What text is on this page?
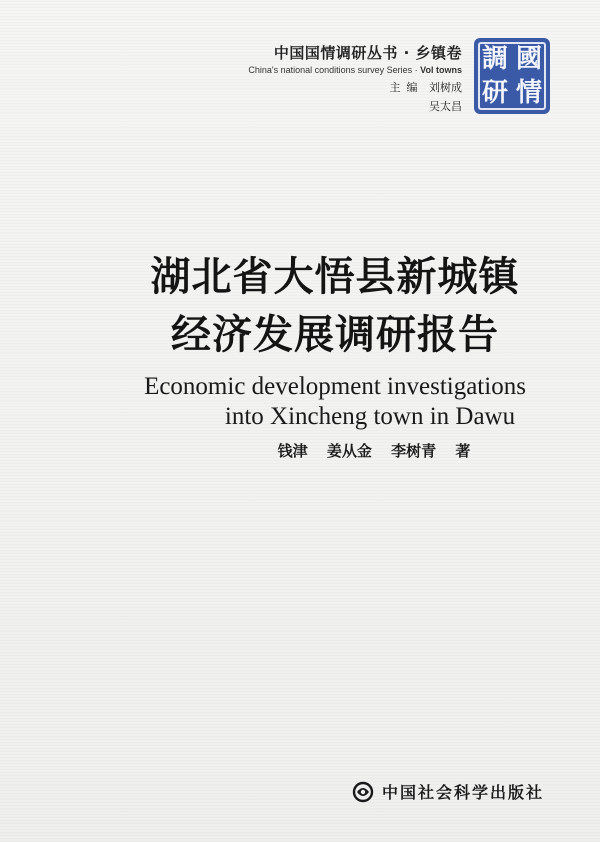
中国国情调研丛书 · 乡镇卷
China's national conditions survey Series · Vol towns
主编 刘树成
吴太昌
國
情
調
研
湖北省大悟县新城镇
经济发展调研报告
Economic development investigations
into Xincheng town in Dawu
钱津 姜从金 李树青 著
中国社会科学出版社
